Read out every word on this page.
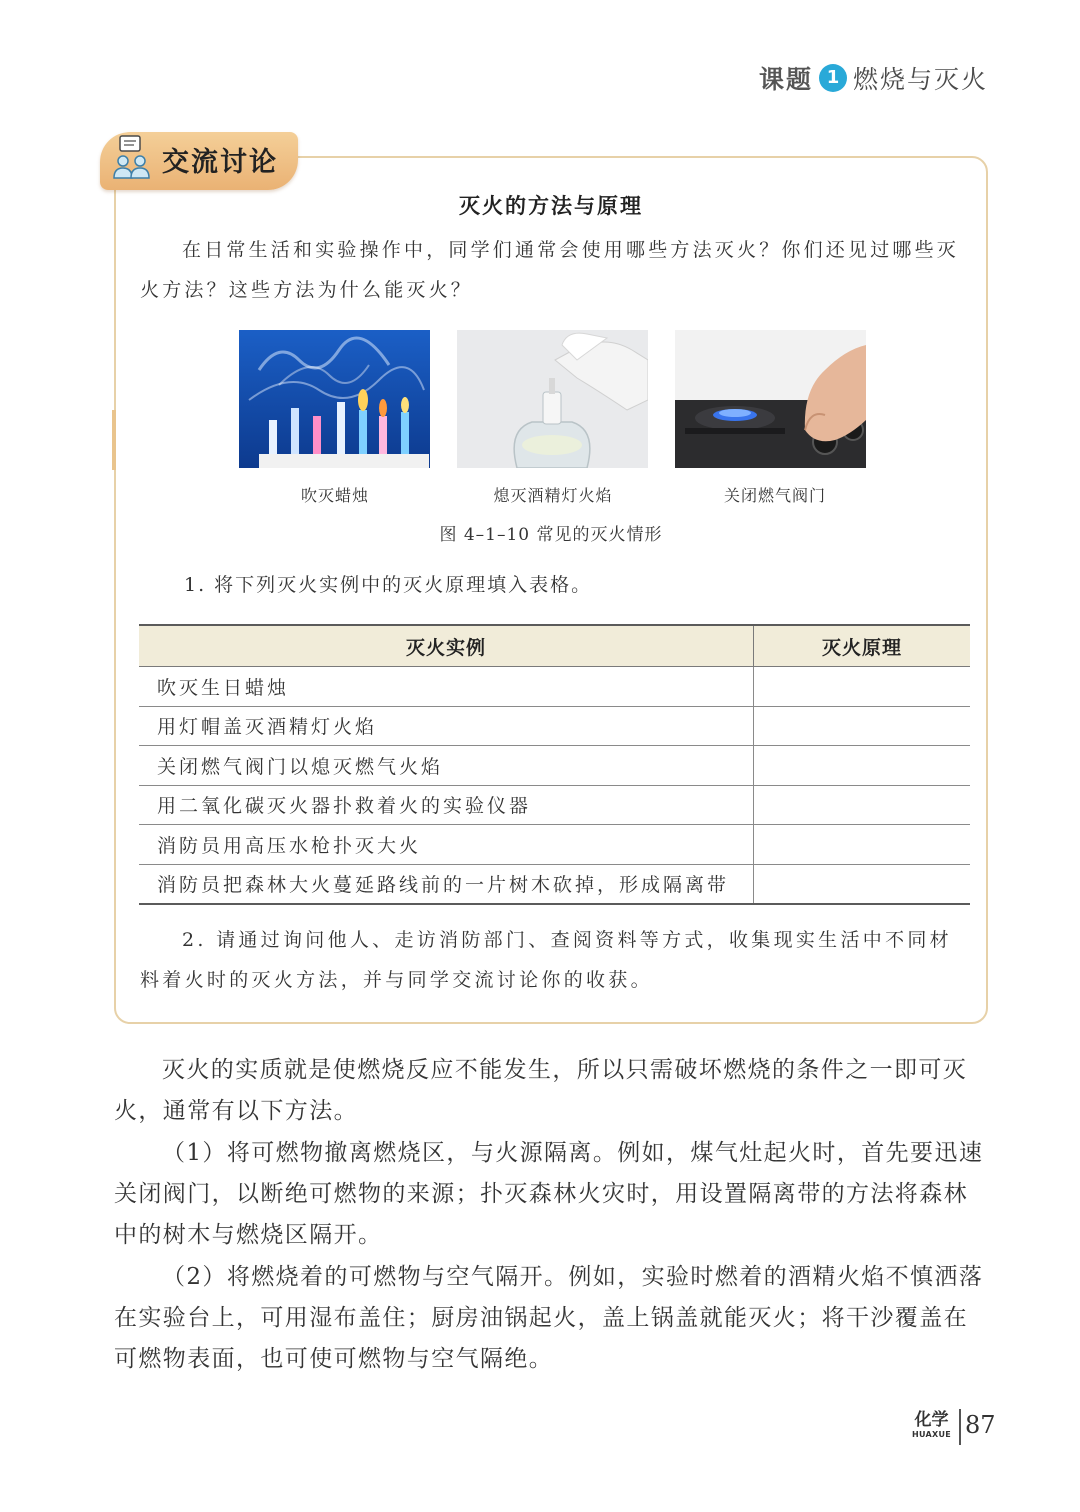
课题 1 燃烧与灭火
交流讨论
灭火的方法与原理

在日常生活和实验操作中，同学们通常会使用哪些方法灭火？你们还见过哪些灭火方法？这些方法为什么能灭火？

吹灭蜡烛	熄灭酒精灯火焰	关闭燃气阀门
图 4–1–10 常见的灭火情形
1. 将下列灭火实例中的灭火原理填入表格。
灭火实例	灭火原理
吹灭生日蜡烛	
用灯帽盖灭酒精灯火焰	
关闭燃气阀门以熄灭燃气火焰	
用二氧化碳灭火器扑救着火的实验仪器	
消防员用高压水枪扑灭大火	
消防员把森林大火蔓延路线前的一片树木砍掉，形成隔离带	

2. 请通过询问他人、走访消防部门、查阅资料等方式，收集现实生活中不同材料着火时的灭火方法，并与同学交流讨论你的收获。

灭火的实质就是使燃烧反应不能发生，所以只需破坏燃烧的条件之一即可灭火，通常有以下方法。

（1）将可燃物撤离燃烧区，与火源隔离。例如，煤气灶起火时，首先要迅速关闭阀门，以断绝可燃物的来源；扑灭森林火灾时，用设置隔离带的方法将森林中的树木与燃烧区隔开。

（2）将燃烧着的可燃物与空气隔开。例如，实验时燃着的酒精火焰不慎洒落在实验台上，可用湿布盖住；厨房油锅起火，盖上锅盖就能灭火；将干沙覆盖在可燃物表面，也可使可燃物与空气隔绝。

化学
HUAXUE 87
